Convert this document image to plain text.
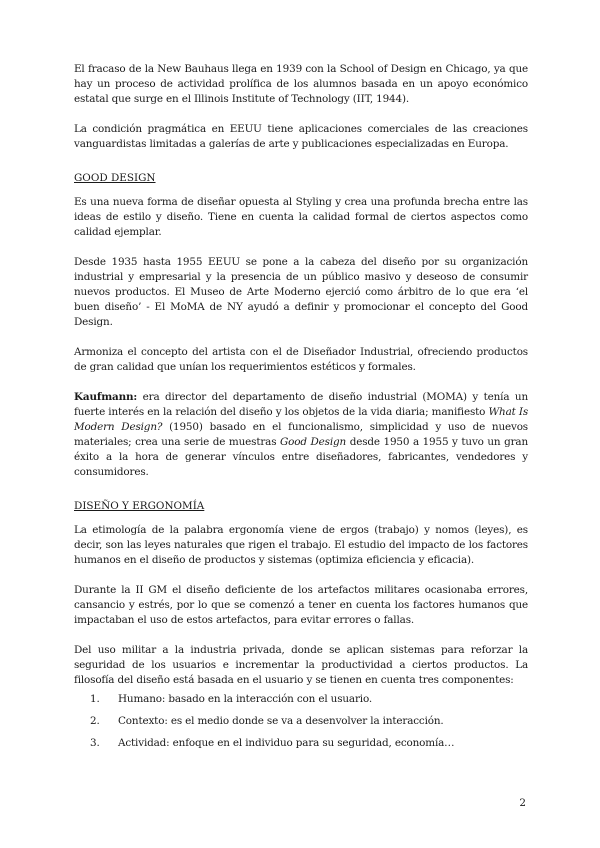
El fracaso de la New Bauhaus llega en 1939 con la School of Design en Chicago, ya que hay un proceso de actividad prolífica de los alumnos basada en un apoyo económico estatal que surge en el Illinois Institute of Technology (IIT, 1944).

La condición pragmática en EEUU tiene aplicaciones comerciales de las creaciones vanguardistas limitadas a galerías de arte y publicaciones especializadas en Europa.

GOOD DESIGN

Es una nueva forma de diseñar opuesta al Styling y crea una profunda brecha entre las ideas de estilo y diseño. Tiene en cuenta la calidad formal de ciertos aspectos como calidad ejemplar.

Desde 1935 hasta 1955 EEUU se pone a la cabeza del diseño por su organización industrial y empresarial y la presencia de un público masivo y deseoso de consumir nuevos productos. El Museo de Arte Moderno ejerció como árbitro de lo que era ‘el buen diseño’ - El MoMA de NY ayudó a definir y promocionar el concepto del Good Design.

Armoniza el concepto del artista con el de Diseñador Industrial, ofreciendo productos de gran calidad que unían los requerimientos estéticos y formales.

Kaufmann: era director del departamento de diseño industrial (MOMA) y tenía un fuerte interés en la relación del diseño y los objetos de la vida diaria; manifiesto What Is Modern Design? (1950) basado en el funcionalismo, simplicidad y uso de nuevos materiales; crea una serie de muestras Good Design desde 1950 a 1955 y tuvo un gran éxito a la hora de generar vínculos entre diseñadores, fabricantes, vendedores y consumidores.

DISEÑO Y ERGONOMÍA

La etimología de la palabra ergonomía viene de ergos (trabajo) y nomos (leyes), es decir, son las leyes naturales que rigen el trabajo. El estudio del impacto de los factores humanos en el diseño de productos y sistemas (optimiza eficiencia y eficacia).

Durante la II GM el diseño deficiente de los artefactos militares ocasionaba errores, cansancio y estrés, por lo que se comenzó a tener en cuenta los factores humanos que impactaban el uso de estos artefactos, para evitar errores o fallas.

Del uso militar a la industria privada, donde se aplican sistemas para reforzar la seguridad de los usuarios e incrementar la productividad a ciertos productos. La filosofía del diseño está basada en el usuario y se tienen en cuenta tres componentes:

1.	Humano: basado en la interacción con el usuario.
2.	Contexto: es el medio donde se va a desenvolver la interacción.
3.	Actividad: enfoque en el individuo para su seguridad, economía…
2
